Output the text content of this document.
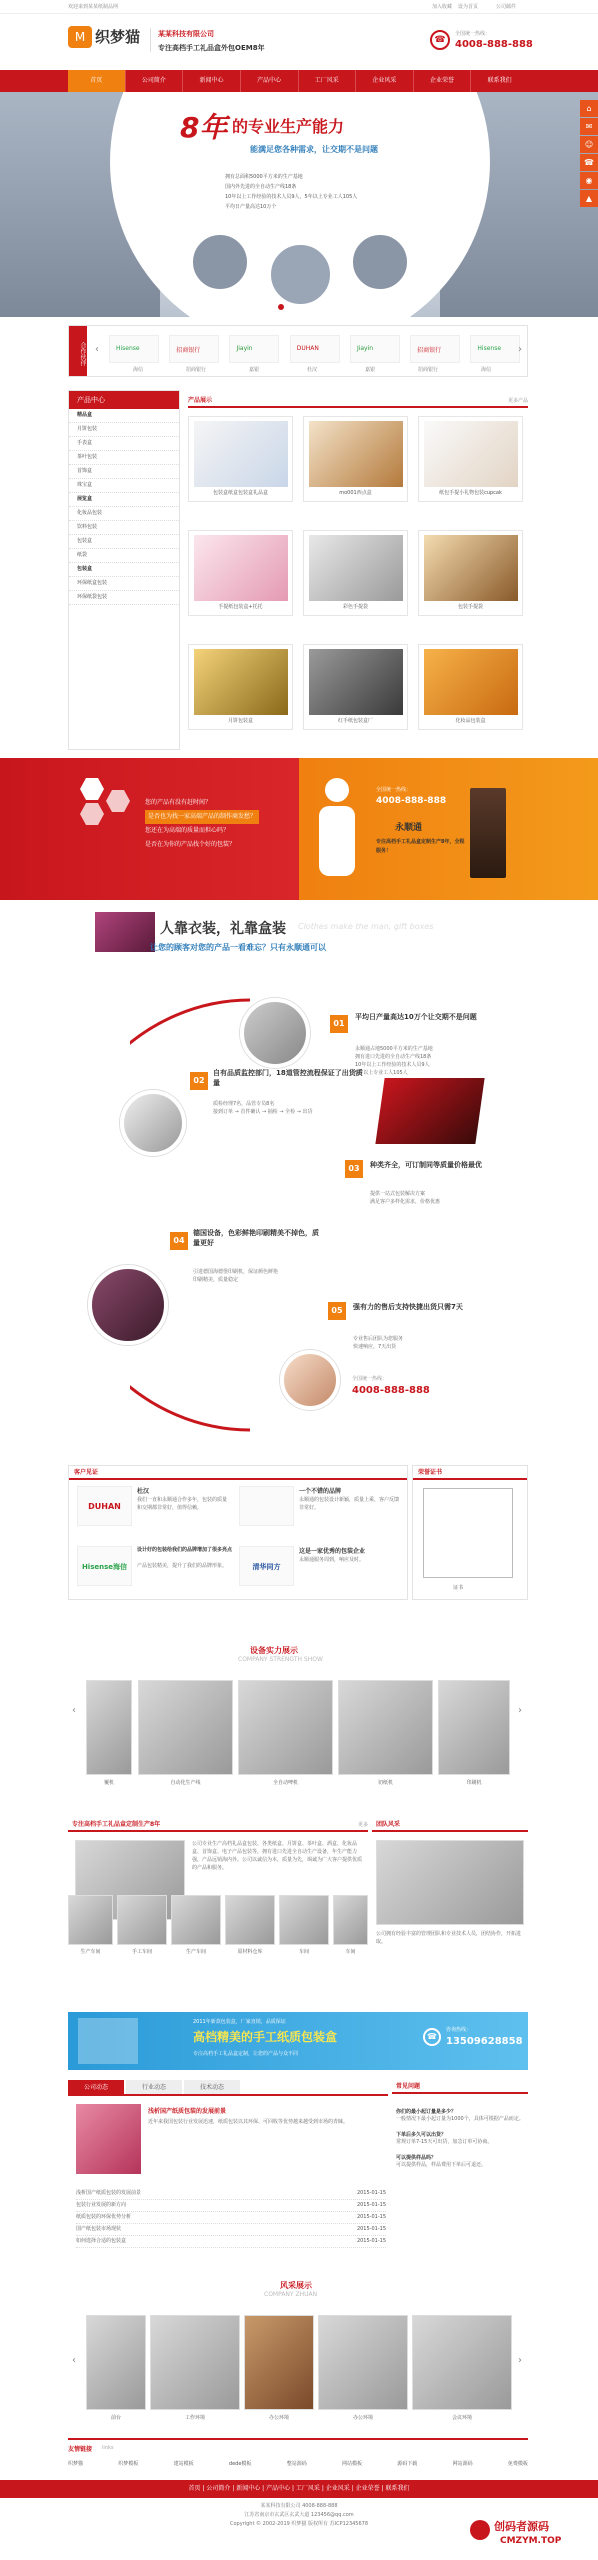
欢迎来到某某纸制品网	加入收藏 设为首页	公司邮件
M 织梦猫	某某科技有限公司
专注高档手工礼品盒外包OEM8年
☎
全国统一热线：
4008-888-888
首页	公司简介	新闻中心	产品中心	工厂风采	企业风采	企业荣誉	联系我们
8年 的专业生产能力
能满足您各种需求，让交期不是问题
拥有总面积5000平方米的生产基地
国内外先进的全自动生产线18条
10年以上工作经验的技术人员9人，5年以上专业工人105人
平均日产量高达10万个
⌂
✉
☺
☎
◉
▲
合作伙伴 ‹	Hisense
	招商银行
	Jiayin
	DUHAN
	Jiayin
	招商银行
	Hisense
海信	招商银行	嘉银	杜汉	嘉银	招商银行	海信
›
产品中心
精品盒
月饼包装
手表盒
茶叶包装
首饰盒
珠宝盒
展览盒
化妆品包装
饮料包装
包装盒
纸袋
包装盒
环保纸盒包装
环保纸袋包装
产品展示	更多产品
包装盒纸盒包装盒礼品盒	mo001西点盒	纸包手提小礼物包装cupcak
手提纸包装盒+托托	彩色手提袋	包装手提袋
月饼包装盒	红手纸包装盒厂	化妆品包装盒
您的产品有没有赶时间？
是否也为找一家高端产品的制作商发愁？
您还在为高端的质量而担心吗？
是否在为你的产品找个好的包装？
全国统一热线：
4008-888-888
永顺通
专注高档手工礼品盒定制生产8年，全程服务！
人靠衣装，礼靠盒装 Clothes make the man, gift boxes
让您的顾客对您的产品一看难忘？只有永顺通可以
01
平均日产量高达10万个让交期不是问题
永顺通占地5000平方米的生产基地
拥有进口先进的全自动生产线18条
10年以上工作经验的技术人员9人
5年以上专业工人105人
02
自有品质监控部门，18道管控流程保证了出货质量
质检经理7名，品管专员8名
接到订单 → 首件确认 → 抽检 → 全检 → 出货
03	种类齐全，可订制同等质量价格最优
提供一站式包装解决方案
满足客户多样化需求，价格优惠
04
德国设备，色彩鲜艳印刷精美不掉色，质量更好
引进德国海德堡印刷机，保证颜色鲜艳
印刷精美，质量稳定
05	强有力的售后支持快捷出货只需7天
专业售后团队为您服务
快速响应，7天出货
全国统一热线：
4008-888-888
客户见证
DUHAN
杜汉
我们一直和永顺通合作多年，包装的质量和交期都非常好，值得信赖。
一个不错的品牌
永顺通的包装设计新颖，质量上乘，客户反馈非常好。
Hisense海信
设计好的包装给我们的品牌增加了很多亮点
产品包装精美，提升了我们的品牌形象。	清华同方
这是一家优秀的包装企业
永顺通服务周到，响应及时。
荣誉证书
证书
设备实力展示
COMPANY STRENGTH SHOW
‹	›
覆机	自动化生产线	全自动啤机	切纸机	印刷机
专注高档手工礼品盒定制生产8年	更多
公司专业生产高档礼品盒包装、各类纸盒、月饼盒、茶叶盒、酒盒、化妆品盒、首饰盒、电子产品包装等，拥有进口先进全自动生产设备，年生产能力强，产品远销海内外。公司以诚信为本，质量为先，竭诚为广大客户提供优质的产品和服务。
团队风采
公司拥有经验丰富的管理团队和专业技术人员，团结协作，开拓进取。
生产车间	手工车间	生产车间	原材料仓库	车间	车间
2011年新款包装盒，厂家直销，品质保证
高档精美的手工纸质包装盒
专注高档手工礼品盒定制，让您的产品与众不同
☎
咨询热线：
13509628858
公司动态	行业动态	技术动态
浅析国产纸质包装的发展前景
近年来我国包装行业发展迅速，纸质包装以其环保、可回收等优势越来越受到市场的青睐。
浅析国产纸质包装的发展前景	2015-01-15
包装行业发展的新方向	2015-01-15
纸质包装的环保优势分析	2015-01-15
国产纸包装市场现状	2015-01-15
如何选择合适的包装盒	2015-01-15
常见问题
你们的最小起订量是多少？
一般情况下最小起订量为1000个，具体可根据产品而定。
下单后多久可以出货？
常规订单7-15天可出货，加急订单可协商。
可以提供样品吗？
可以提供样品，样品费用下单后可退还。
风采展示
COMPANY ZHUAN
‹	›
前台	工作环境	办公环境	办公环境	会议环境
友情链接 links
织梦猫	织梦模板	建站模板	dede模板	整站源码	网站模板	源码下载	网站源码	免费模板
首页 | 公司简介 | 新闻中心 | 产品中心 | 工厂风采 | 企业风采 | 企业荣誉 | 联系我们
某某科技有限公司 4008-888-888
江苏省南京市玄武区玄武大道 123456@qq.com
Copyright © 2002-2019 织梦猫 版权所有 苏ICP12345678	创码者源码
CMZYM.TOP
